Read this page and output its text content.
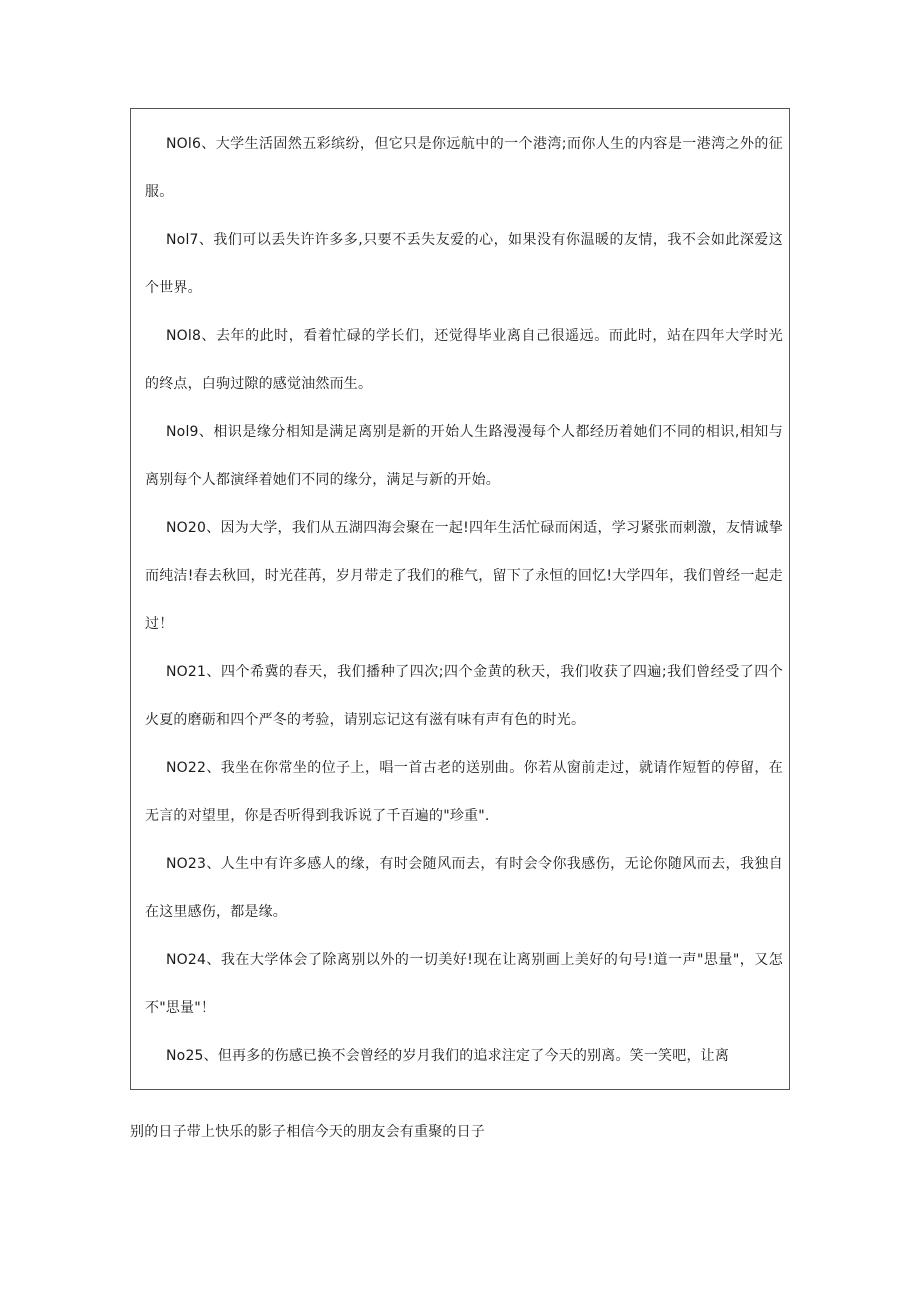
NOl6、大学生活固然五彩缤纷，但它只是你远航中的一个港湾;而你人生的内容是一港湾之外的征服。

Nol7、我们可以丢失许许多多,只要不丢失友爱的心，如果没有你温暖的友情，我不会如此深爱这个世界。

NOl8、去年的此时，看着忙碌的学长们，还觉得毕业离自己很遥远。而此时，站在四年大学时光的终点，白驹过隙的感觉油然而生。

Nol9、相识是缘分相知是满足离别是新的开始人生路漫漫每个人都经历着她们不同的相识,相知与离别每个人都演绎着她们不同的缘分，满足与新的开始。

NO20、因为大学，我们从五湖四海会聚在一起!四年生活忙碌而闲适，学习紧张而刺激，友情诚挚而纯洁!春去秋回，时光荏苒，岁月带走了我们的稚气，留下了永恒的回忆!大学四年，我们曾经一起走过！

NO21、四个希冀的春天，我们播种了四次;四个金黄的秋天，我们收获了四遍;我们曾经受了四个火夏的磨砺和四个严冬的考验，请别忘记这有滋有味有声有色的时光。

NO22、我坐在你常坐的位子上，唱一首古老的送别曲。你若从窗前走过，就请作短暂的停留，在无言的对望里，你是否听得到我诉说了千百遍的"珍重".

NO23、人生中有许多感人的缘，有时会随风而去，有时会令你我感伤，无论你随风而去，我独自在这里感伤，都是缘。

NO24、我在大学体会了除离别以外的一切美好!现在让离别画上美好的句号!道一声"思量"，又怎不"思量"！

No25、但再多的伤感已换不会曾经的岁月我们的追求注定了今天的别离。笑一笑吧，让离

别的日子带上快乐的影子相信今天的朋友会有重聚的日子
